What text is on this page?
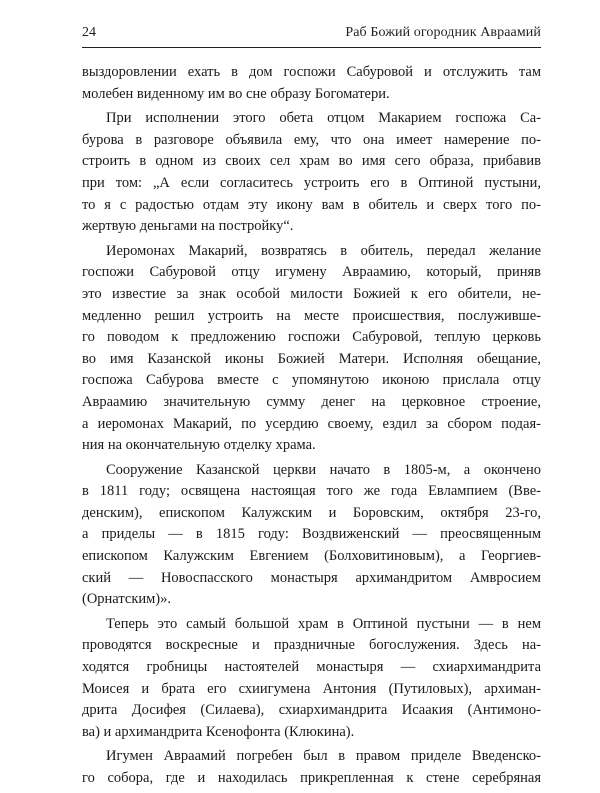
24	Раб Божий огородник Авраамий
выздоровлении ехать в дом госпожи Сабуровой и отслужить там
молебен виденному им во сне образу Богоматери.
При исполнении этого обета отцом Макарием госпожа Са-
бурова в разговоре объявила ему, что она имеет намерение по-
строить в одном из своих сел храм во имя сего образа, прибавив
при том: „А если согласитесь устроить его в Оптиной пустыни,
то я с радостью отдам эту икону вам в обитель и сверх того по-
жертвую деньгами на постройку“.
Иеромонах Макарий, возвратясь в обитель, передал желание
госпожи Сабуровой отцу игумену Авраамию, который, приняв
это известие за знак особой милости Божией к его обители, не-
медленно решил устроить на месте происшествия, послуживше-
го поводом к предложению госпожи Сабуровой, теплую церковь
во имя Казанской иконы Божией Матери. Исполняя обещание,
госпожа Сабурова вместе с упомянутою иконою прислала отцу
Авраамию значительную сумму денег на церковное строение,
а иеромонах Макарий, по усердию своему, ездил за сбором подая-
ния на окончательную отделку храма.
Сооружение Казанской церкви начато в 1805-м, а окончено
в 1811 году; освящена настоящая того же года Евлампием (Вве-
денским), епископом Калужским и Боровским, октября 23-го,
а приделы — в 1815 году: Воздвиженский — преосвященным
епископом Калужским Евгением (Болховитиновым), а Георгиев-
ский — Новоспасского монастыря архимандритом Амвросием
(Орнатским)».
Теперь это самый большой храм в Оптиной пустыни — в нем
проводятся воскресные и праздничные богослужения. Здесь на-
ходятся гробницы настоятелей монастыря — схиархимандрита
Моисея и брата его схиигумена Антония (Путиловых), архиман-
дрита Досифея (Силаева), схиархимандрита Исаакия (Антимоно-
ва) и архимандрита Ксенофонта (Клюкина).
Игумен Авраамий погребен был в правом приделе Введенско-
го собора, где и находилась прикрепленная к стене серебряная
